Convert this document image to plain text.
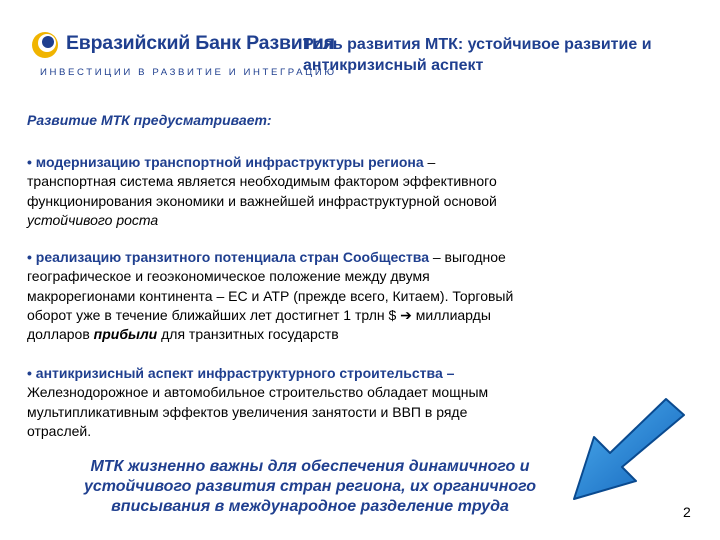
Евразийский Банк Развития
ИНВЕСТИЦИИ В РАЗВИТИЕ И ИНТЕГРАЦИЮ
Роль развития МТК: устойчивое развитие и
антикризисный аспект
Развитие МТК предусматривает:
• модернизацию транспортной инфраструктуры региона –
транспортная система является необходимым фактором эффективного
функционирования экономики и важнейшей инфраструктурной основой
устойчивого роста
• реализацию транзитного потенциала стран Сообщества – выгодное
географическое и геоэкономическое положение между двумя
макрорегионами континента – ЕС и АТР (прежде всего, Китаем). Торговый
оборот уже в течение ближайших лет достигнет 1 трлн $ ➔ миллиарды
долларов прибыли для транзитных государств
• антикризисный аспект инфраструктурного строительства –
Железнодорожное и автомобильное строительство обладает мощным
мультипликативным эффектов увеличения занятости и ВВП в ряде
отраслей.
МТК жизненно важны для обеспечения динамичного и
устойчивого развития стран региона, их органичного
вписывания в международное разделение труда	2
